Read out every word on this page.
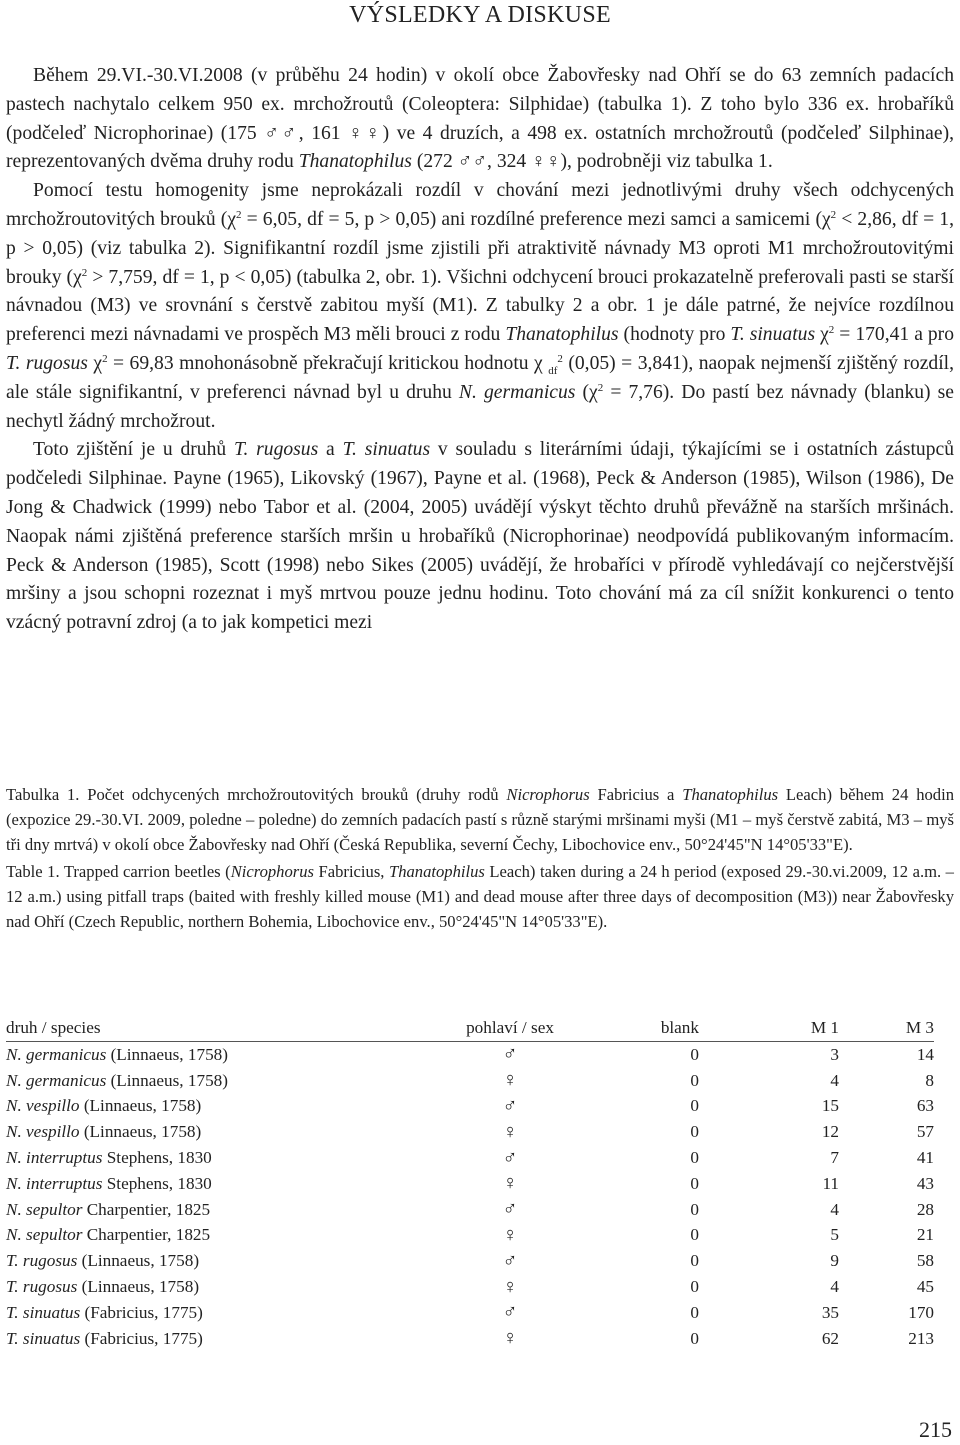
VÝSLEDKY A DISKUSE

Během 29.VI.-30.VI.2008 (v průběhu 24 hodin) v okolí obce Žabovřesky nad Ohří se do 63 zemních padacích pastech nachytalo celkem 950 ex. mrchožroutů (Coleoptera: Silphidae) (tabulka 1). Z toho bylo 336 ex. hrobaříků (podčeleď Nicrophorinae) (175 ♂♂, 161 ♀♀) ve 4 druzích, a 498 ex. ostatních mrchožroutů (podčeleď Silphinae), reprezentovaných dvěma druhy rodu Thanatophilus (272 ♂♂, 324 ♀♀), podrobněji viz tabulka 1.

Pomocí testu homogenity jsme neprokázali rozdíl v chování mezi jednotlivými druhy všech odchycených mrchožroutovitých brouků ($\chi^2 = 6,05$, df = 5, p > 0,05) ani rozdílné preference mezi samci a samicemi ($\chi^2 < 2,86$, df = 1, p > 0,05) (viz tabulka 2). Signifikantní rozdíl jsme zjistili při atraktivitě návnady M3 oproti M1 mrchožroutovitými brouky ($\chi^2 > 7,759$, df = 1, p < 0,05) (tabulka 2, obr. 1). Všichni odchycení brouci prokazatelně preferovali pasti se starší návnadou (M3) ve srovnání s čerstvě zabitou myší (M1). Z tabulky 2 a obr. 1 je dále patrné, že nejvíce rozdílnou preferenci mezi návnadami ve prospěch M3 měli brouci z rodu Thanatophilus (hodnoty pro T. sinuatus $\chi^2 = 170,41$ a pro T. rugosus $\chi^2 = 69,83$ mnohonásobně překračují kritickou hodnotu χ $_{df}^2$ (0,05) = 3,841), naopak nejmenší zjištěný rozdíl, ale stále signifikantní, v preferenci návnad byl u druhu N. germanicus $(\chi^2 = 7,76)$. Do pastí bez návnady (blanku) se nechytl žádný mrchožrout.

Toto zjištění je u druhů T. rugosus a T. sinuatus v souladu s literárními údaji, týkajícími se i ostatních zástupců podčeledi Silphinae. Payne (1965), Likovský (1967), Payne et al. (1968), Peck & Anderson (1985), Wilson (1986), De Jong & Chadwick (1999) nebo Tabor et al. (2004, 2005) uvádějí výskyt těchto druhů převážně na starších mršinách. Naopak námi zjištěná preference starších mršin u hrobaříků (Nicrophorinae) neodpovídá publikovaným informacím. Peck & Anderson (1985), Scott (1998) nebo Sikes (2005) uvádějí, že hrobaříci v přírodě vyhledávají co nejčerstvější mršiny a jsou schopni rozeznat i myš mrtvou pouze jednu hodinu. Toto chování má za cíl snížit konkurenci o tento vzácný potravní zdroj (a to jak kompetici mezi

Tabulka 1. Počet odchycených mrchožroutovitých brouků (druhy rodů Nicrophorus Fabricius a Thanatophilus Leach) během 24 hodin (expozice 29.-30.VI. 2009, poledne – poledne) do zemních padacích pastí s různě starými mršinami myši (M1 – myš čerstvě zabitá, M3 – myš tři dny mrtvá) v okolí obce Žabovřesky nad Ohří (Česká Republika, severní Čechy, Libochovice env., 50°24'45"N 14°05'33"E).

Table 1. Trapped carrion beetles (Nicrophorus Fabricius, Thanatophilus Leach) taken during a 24 h period (exposed 29.-30.vi.2009, 12 a.m. – 12 a.m.) using pitfall traps (baited with freshly killed mouse (M1) and dead mouse after three days of decomposition (M3)) near Žabovřesky nad Ohří (Czech Republic, northern Bohemia, Libochovice env., 50°24'45"N 14°05'33"E).

druh / species	pohlaví / sex	blank	M 1	M 3
N. germanicus (Linnaeus, 1758)	♂	0	3	14
N. germanicus (Linnaeus, 1758)	♀	0	4	8
N. vespillo (Linnaeus, 1758)	♂	0	15	63
N. vespillo (Linnaeus, 1758)	♀	0	12	57
N. interruptus Stephens, 1830	♂	0	7	41
N. interruptus Stephens, 1830	♀	0	11	43
N. sepultor Charpentier, 1825	♂	0	4	28
N. sepultor Charpentier, 1825	♀	0	5	21
T. rugosus (Linnaeus, 1758)	♂	0	9	58
T. rugosus (Linnaeus, 1758)	♀	0	4	45
T. sinuatus (Fabricius, 1775)	♂	0	35	170
T. sinuatus (Fabricius, 1775)	♀	0	62	213
215
